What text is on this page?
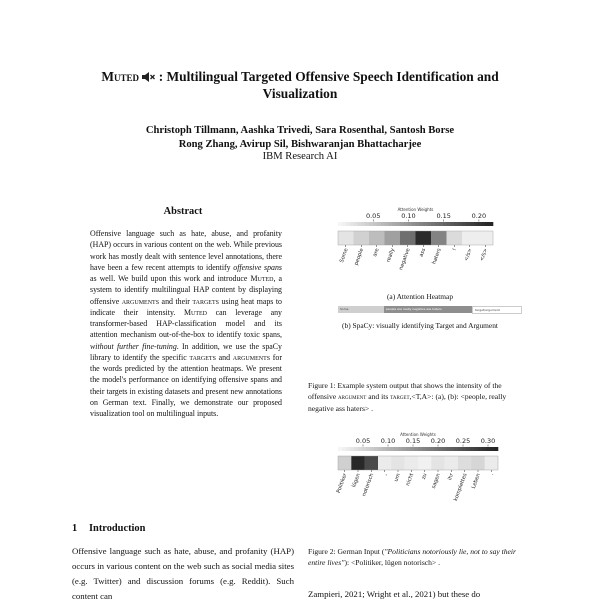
Muted : Multilingual Targeted Offensive Speech Identification and
Visualization
Christoph Tillmann, Aashka Trivedi, Sara Rosenthal, Santosh Borse
Rong Zhang, Avirup Sil, Bishwaranjan Bhattacharjee
IBM Research AI
Abstract
Offensive language such as hate, abuse, and profanity (HAP) occurs in various content on the web. While previous work has mostly dealt with sentence level annotations, there have been a few recent attempts to identify offensive spans as well. We build upon this work and introduce Muted, a system to identify multilingual HAP content by displaying offensive arguments and their targets using heat maps to indicate their intensity. Muted can leverage any transformer-based HAP-classification model and its attention mechanism out-of-the-box to identify toxic spans, without further fine-tuning. In addition, we use the spaCy library to identify the specific targets and arguments for the words predicted by the attention heatmaps. We present the model's performance on identifying offensive spans and their targets in existing datasets and present new annotations on German text. Finally, we demonstrate our proposed visualization tool on multilingual inputs.
1 Introduction
Offensive language such as hate, abuse, and profanity (HAP) occurs in various content on the web such as social media sites (e.g. Twitter) and discussion forums (e.g. Reddit). Such content can
Attention Weights
0.05	0.10	0.15	0.20
Some people are really negative ass haters ! </s> </s>
(a) Attention Heatmap
Some	people are really negative ass haters	target/argument
(b) SpaCy: visually identifying Target and Argument
Figure 1: Example system output that shows the intensity of the offensive argument and its target,<T,A>: (a), (b): <people, really negative ass haters> .
Attention Weights
0.05 0.10 0.15 0.20 0.25 0.30
Politiker lügen notorisch , um nicht zu sagen ihr
komplettes Leben .
Figure 2: German Input ("Politicians notoriously lie, not to say their entire lives"): <Politiker, lügen notorisch> .
Zampieri, 2021; Wright et al., 2021) but these do
